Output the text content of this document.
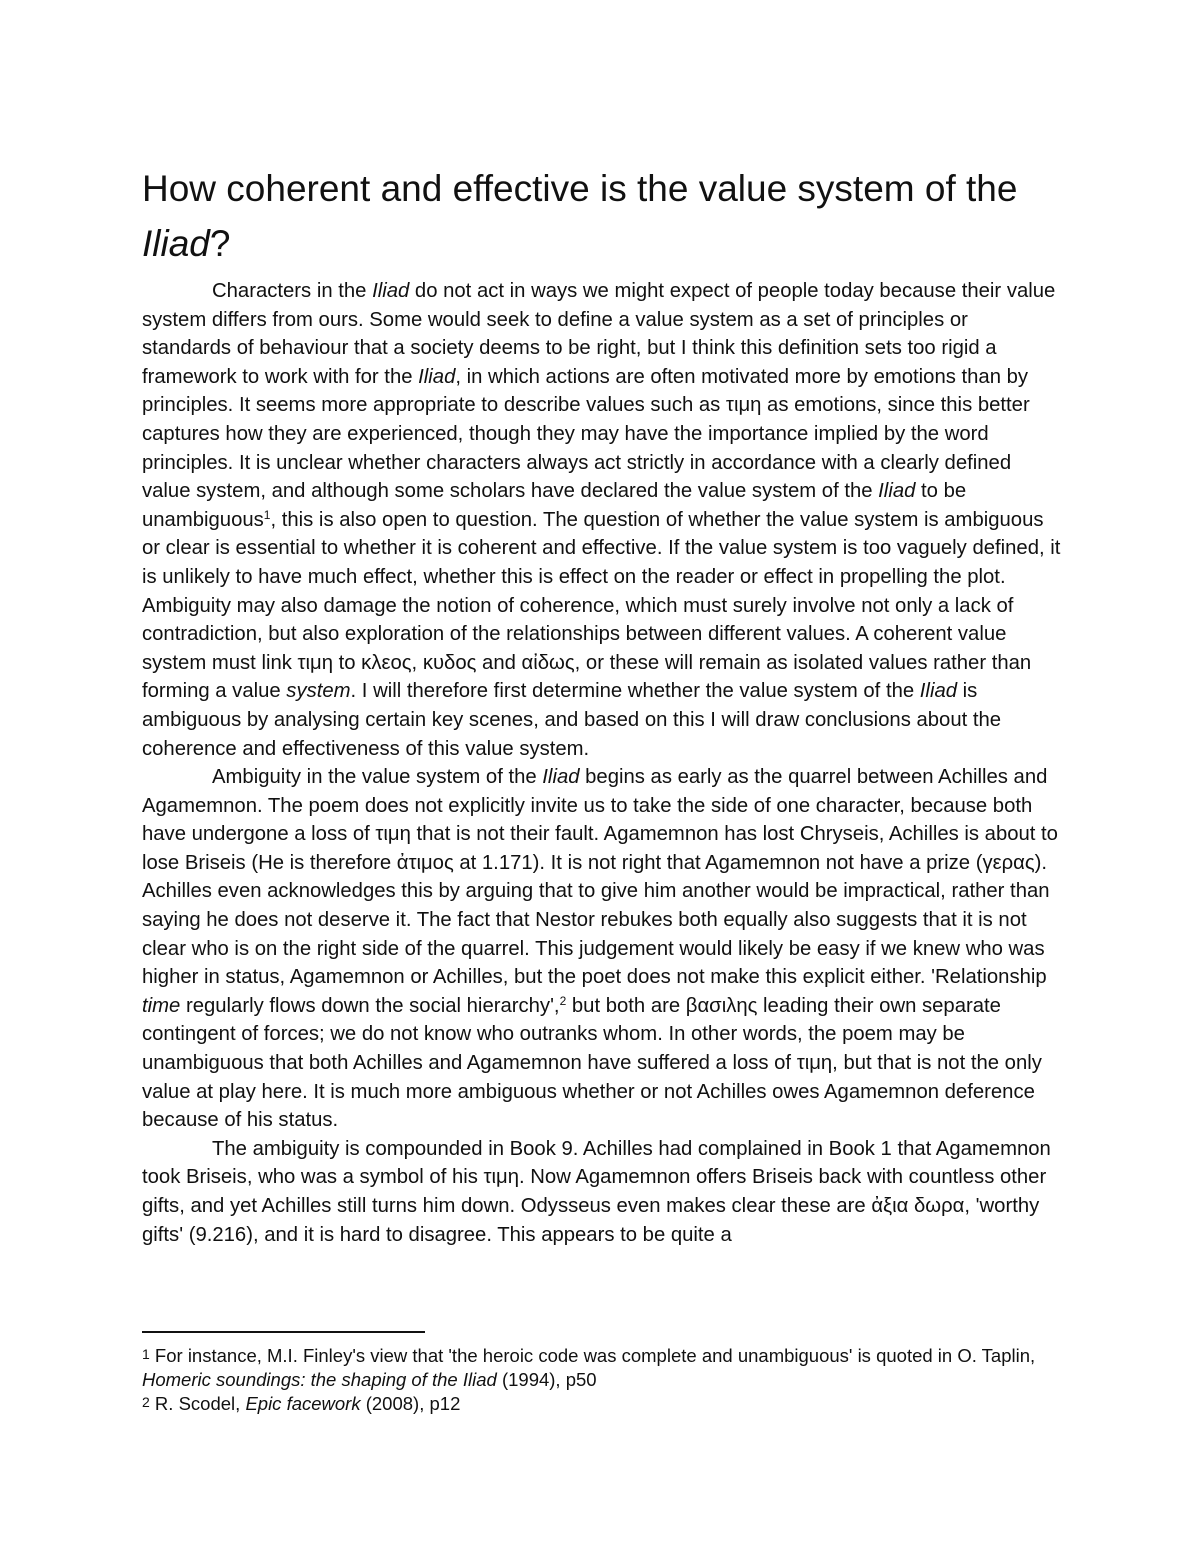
How coherent and effective is the value system of the Iliad?

Characters in the Iliad do not act in ways we might expect of people today because their value system differs from ours. Some would seek to define a value system as a set of principles or standards of behaviour that a society deems to be right, but I think this definition sets too rigid a framework to work with for the Iliad, in which actions are often motivated more by emotions than by principles. It seems more appropriate to describe values such as τιμη as emotions, since this better captures how they are experienced, though they may have the importance implied by the word principles. It is unclear whether characters always act strictly in accordance with a clearly defined value system, and although some scholars have declared the value system of the Iliad to be unambiguous$^1$, this is also open to question. The question of whether the value system is ambiguous or clear is essential to whether it is coherent and effective. If the value system is too vaguely defined, it is unlikely to have much effect, whether this is effect on the reader or effect in propelling the plot. Ambiguity may also damage the notion of coherence, which must surely involve not only a lack of contradiction, but also exploration of the relationships between different values. A coherent value system must link τιμη to κλεος, κυδος and αἰδως, or these will remain as isolated values rather than forming a value system. I will therefore first determine whether the value system of the Iliad is ambiguous by analysing certain key scenes, and based on this I will draw conclusions about the coherence and effectiveness of this value system.

Ambiguity in the value system of the Iliad begins as early as the quarrel between Achilles and Agamemnon. The poem does not explicitly invite us to take the side of one character, because both have undergone a loss of τιμη that is not their fault. Agamemnon has lost Chryseis, Achilles is about to lose Briseis (He is therefore ἀτιμος at 1.171). It is not right that Agamemnon not have a prize (γερας). Achilles even acknowledges this by arguing that to give him another would be impractical, rather than saying he does not deserve it. The fact that Nestor rebukes both equally also suggests that it is not clear who is on the right side of the quarrel. This judgement would likely be easy if we knew who was higher in status, Agamemnon or Achilles, but the poet does not make this explicit either. 'Relationship time regularly flows down the social hierarchy',$^2$ but both are βασιλης leading their own separate contingent of forces; we do not know who outranks whom. In other words, the poem may be unambiguous that both Achilles and Agamemnon have suffered a loss of τιμη, but that is not the only value at play here. It is much more ambiguous whether or not Achilles owes Agamemnon deference because of his status.

The ambiguity is compounded in Book 9. Achilles had complained in Book 1 that Agamemnon took Briseis, who was a symbol of his τιμη. Now Agamemnon offers Briseis back with countless other gifts, and yet Achilles still turns him down. Odysseus even makes clear these are ἀξια δωρα, 'worthy gifts' (9.216), and it is hard to disagree. This appears to be quite a

$^1$ For instance, M.I. Finley's view that 'the heroic code was complete and unambiguous' is quoted in O. Taplin, Homeric soundings: the shaping of the Iliad (1994), p50

$^2$ R. Scodel, Epic facework (2008), p12
